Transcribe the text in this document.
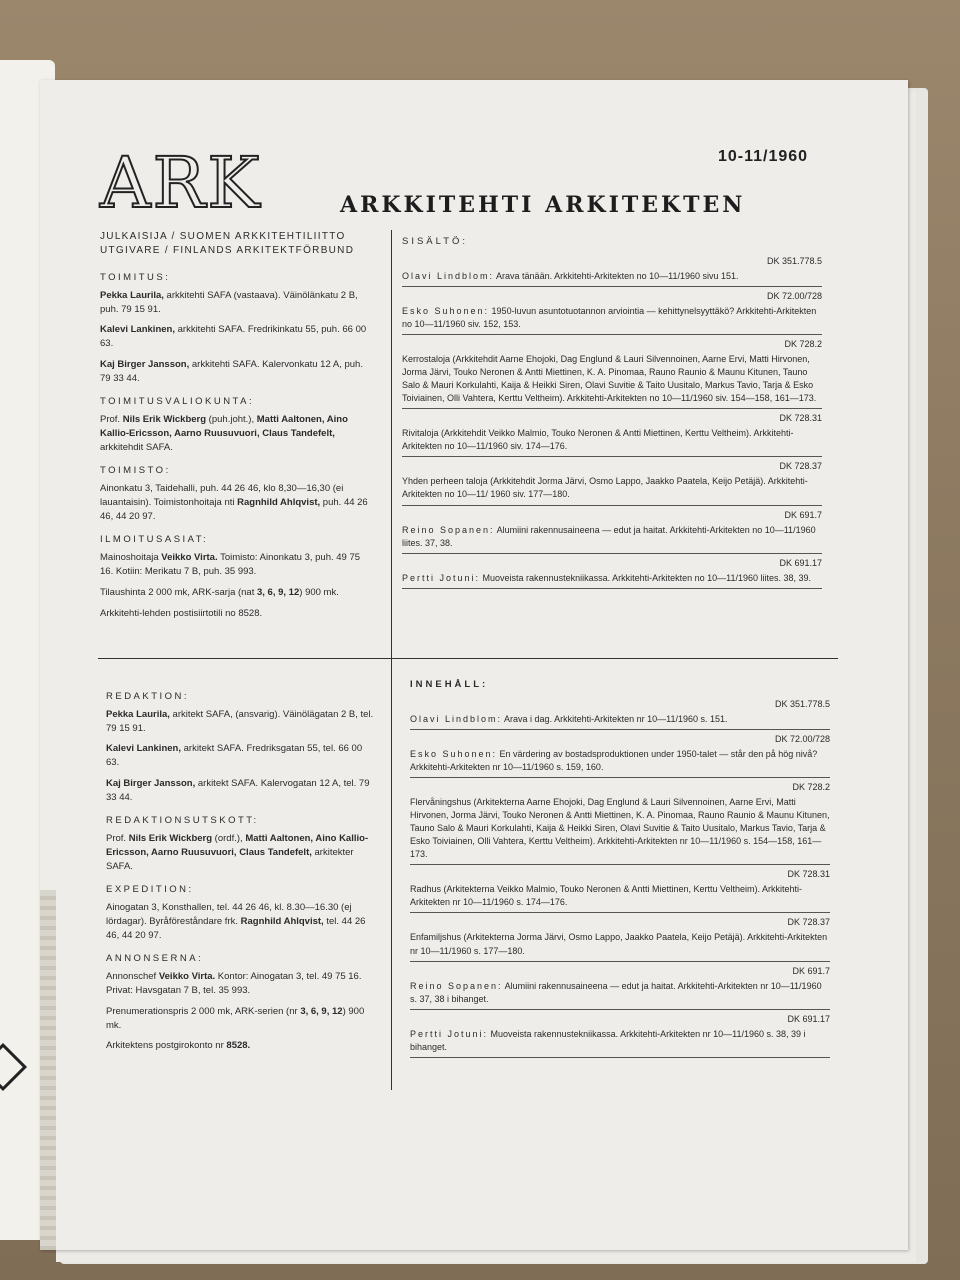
ARK	10-11/1960
ARKKITEHTI ARKITEKTEN
JULKAISIJA / SUOMEN ARKKITEHTILIITTO
UTGIVARE / FINLANDS ARKITEKTFÖRBUND
TOIMITUS:

Pekka Laurila, arkkitehti SAFA (vastaava). Väinölänkatu 2 B, puh. 79 15 91.

Kalevi Lankinen, arkkitehti SAFA. Fredrikinkatu 55, puh. 66 00 63.

Kaj Birger Jansson, arkkitehti SAFA. Kalervonkatu 12 A, puh. 79 33 44.

TOIMITUSVALIOKUNTA:

Prof. Nils Erik Wickberg (puh.joht.), Matti Aaltonen, Aino Kallio-Ericsson, Aarno Ruusuvuori, Claus Tandefelt, arkkitehdit SAFA.

TOIMISTO:

Ainonkatu 3, Taidehalli, puh. 44 26 46, klo 8,30—16,30 (ei lauantaisin). Toimistonhoitaja nti Ragnhild Ahlqvist, puh. 44 26 46, 44 20 97.

ILMOITUSASIAT:

Mainoshoitaja Veikko Virta. Toimisto: Ainonkatu 3, puh. 49 75 16. Kotiin: Merikatu 7 B, puh. 35 993.

Tilaushinta 2 000 mk, ARK-sarja (nat 3, 6, 9, 12) 900 mk.

Arkkitehti-lehden postisiirtotili no 8528.

REDAKTION:

Pekka Laurila, arkitekt SAFA, (ansvarig). Väinölägatan 2 B, tel. 79 15 91.

Kalevi Lankinen, arkitekt SAFA. Fredriksgatan 55, tel. 66 00 63.

Kaj Birger Jansson, arkitekt SAFA. Kalervogatan 12 A, tel. 79 33 44.

REDAKTIONSUTSKOTT:

Prof. Nils Erik Wickberg (ordf.), Matti Aaltonen, Aino Kallio-Ericsson, Aarno Ruusuvuori, Claus Tandefelt, arkitekter SAFA.

EXPEDITION:

Ainogatan 3, Konsthallen, tel. 44 26 46, kl. 8.30—16.30 (ej lördagar). Byråföreståndare frk. Ragnhild Ahlqvist, tel. 44 26 46, 44 20 97.

ANNONSERNA:

Annonschef Veikko Virta. Kontor: Ainogatan 3, tel. 49 75 16. Privat: Havsgatan 7 B, tel. 35 993.

Prenumerationspris 2 000 mk, ARK-serien (nr 3, 6, 9, 12) 900 mk.

Arkitektens postgirokonto nr 8528.

SISÄLTÖ:

DK 351.778.5

Olavi Lindblom: Arava tänään. Arkkitehti-Arkitekten no 10—11/1960 sivu 151.

DK 72.00/728

Esko Suhonen: 1950-luvun asuntotuotannon arviointia — kehittynelsyyttäkö? Arkkitehti-Arkitekten no 10—11/1960 siv. 152, 153.

DK 728.2

Kerrostaloja (Arkkitehdit Aarne Ehojoki, Dag Englund & Lauri Silvennoinen, Aarne Ervi, Matti Hirvonen, Jorma Järvi, Touko Neronen & Antti Miettinen, K. A. Pinomaa, Rauno Raunio & Maunu Kitunen, Tauno Salo & Mauri Korkulahti, Kaija & Heikki Siren, Olavi Suvitie & Taito Uusitalo, Markus Tavio, Tarja & Esko Toiviainen, Olli Vahtera, Kerttu Veltheim). Arkkitehti-Arkitekten no 10—11/1960 siv. 154—158, 161—173.

DK 728.31

Rivitaloja (Arkkitehdit Veikko Malmio, Touko Neronen & Antti Miettinen, Kerttu Veltheim). Arkkitehti-Arkitekten no 10—11/1960 siv. 174—176.

DK 728.37

Yhden perheen taloja (Arkkitehdit Jorma Järvi, Osmo Lappo, Jaakko Paatela, Keijo Petäjä). Arkkitehti-Arkitekten no 10—11/ 1960 siv. 177—180.

DK 691.7

Reino Sopanen: Alumiini rakennusaineena — edut ja haitat. Arkkitehti-Arkitekten no 10—11/1960 liites. 37, 38.

DK 691.17

Pertti Jotuni: Muoveista rakennustekniikassa. Arkkitehti-Arkitekten no 10—11/1960 liites. 38, 39.

INNEHÅLL:

DK 351.778.5

Olavi Lindblom: Arava i dag. Arkkitehti-Arkitekten nr 10—11/1960 s. 151.

DK 72.00/728

Esko Suhonen: En värdering av bostadsproduktionen under 1950-talet — står den på hög nivå? Arkkitehti-Arkitekten nr 10—11/1960 s. 159, 160.

DK 728.2

Flervåningshus (Arkitekterna Aarne Ehojoki, Dag Englund & Lauri Silvennoinen, Aarne Ervi, Matti Hirvonen, Jorma Järvi, Touko Neronen & Antti Miettinen, K. A. Pinomaa, Rauno Raunio & Maunu Kitunen, Tauno Salo & Mauri Korkulahti, Kaija & Heikki Siren, Olavi Suvitie & Taito Uusitalo, Markus Tavio, Tarja & Esko Toiviainen, Olli Vahtera, Kerttu Veltheim). Arkkitehti-Arkitekten nr 10—11/1960 s. 154—158, 161—173.

DK 728.31

Radhus (Arkitekterna Veikko Malmio, Touko Neronen & Antti Miettinen, Kerttu Veltheim). Arkkitehti-Arkitekten nr 10—11/1960 s. 174—176.

DK 728.37

Enfamiljshus (Arkitekterna Jorma Järvi, Osmo Lappo, Jaakko Paatela, Keijo Petäjä). Arkkitehti-Arkitekten nr 10—11/1960 s. 177—180.

DK 691.7

Reino Sopanen: Alumiini rakennusaineena — edut ja haitat. Arkkitehti-Arkitekten nr 10—11/1960 s. 37, 38 i bihanget.

DK 691.17

Pertti Jotuni: Muoveista rakennustekniikassa. Arkkitehti-Arkitekten nr 10—11/1960 s. 38, 39 i bihanget.
